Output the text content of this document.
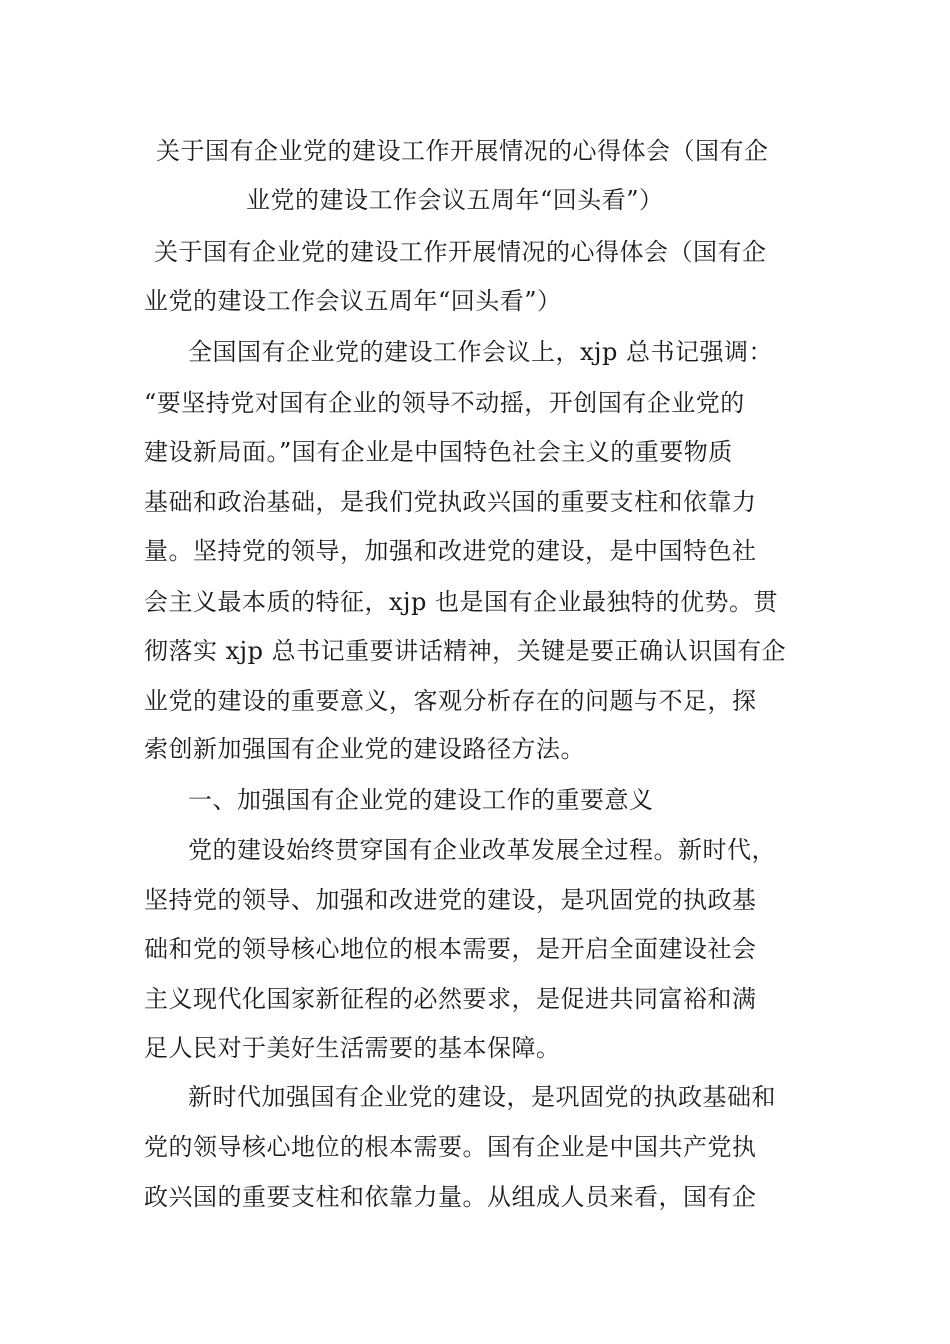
关于国有企业党的建设工作开展情况的心得体会（国有企
业党的建设工作会议五周年“回头看”）
关于国有企业党的建设工作开展情况的心得体会（国有企
业党的建设工作会议五周年“回头看”）
全国国有企业党的建设工作会议上，xjp 总书记强调：
“要坚持党对国有企业的领导不动摇，开创国有企业党的
建设新局面。”国有企业是中国特色社会主义的重要物质
基础和政治基础，是我们党执政兴国的重要支柱和依靠力
量。坚持党的领导，加强和改进党的建设，是中国特色社
会主义最本质的特征，xjp 也是国有企业最独特的优势。贯
彻落实 xjp 总书记重要讲话精神，关键是要正确认识国有企
业党的建设的重要意义，客观分析存在的问题与不足，探
索创新加强国有企业党的建设路径方法。
一、加强国有企业党的建设工作的重要意义
党的建设始终贯穿国有企业改革发展全过程。新时代，
坚持党的领导、加强和改进党的建设，是巩固党的执政基
础和党的领导核心地位的根本需要，是开启全面建设社会
主义现代化国家新征程的必然要求，是促进共同富裕和满
足人民对于美好生活需要的基本保障。
新时代加强国有企业党的建设，是巩固党的执政基础和
党的领导核心地位的根本需要。国有企业是中国共产党执
政兴国的重要支柱和依靠力量。从组成人员来看，国有企
